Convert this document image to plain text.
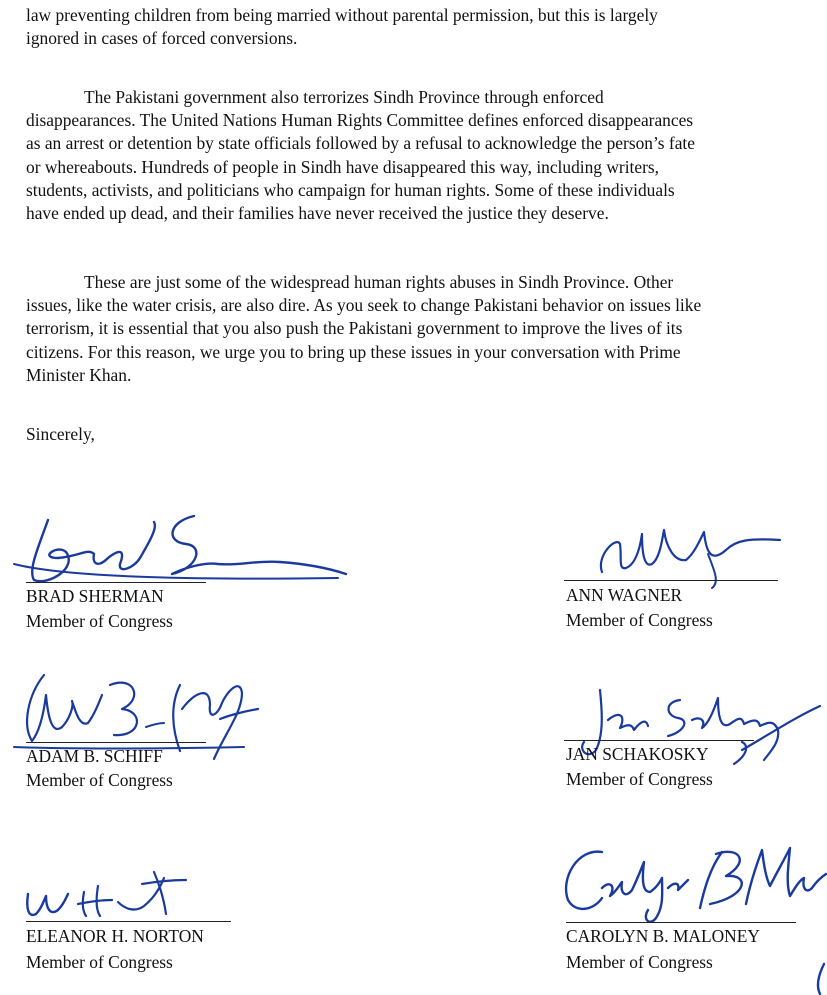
law preventing children from being married without parental permission, but this is largely
ignored in cases of forced conversions.
The Pakistani government also terrorizes Sindh Province through enforced
disappearances. The United Nations Human Rights Committee defines enforced disappearances
as an arrest or detention by state officials followed by a refusal to acknowledge the person’s fate
or whereabouts. Hundreds of people in Sindh have disappeared this way, including writers,
students, activists, and politicians who campaign for human rights. Some of these individuals
have ended up dead, and their families have never received the justice they deserve.
These are just some of the widespread human rights abuses in Sindh Province. Other
issues, like the water crisis, are also dire. As you seek to change Pakistani behavior on issues like
terrorism, it is essential that you also push the Pakistani government to improve the lives of its
citizens. For this reason, we urge you to bring up these issues in your conversation with Prime
Minister Khan.
Sincerely,
BRAD SHERMAN
Member of Congress
ANN WAGNER
Member of Congress
ADAM B. SCHIFF
Member of Congress
JAN SCHAKOSKY
Member of Congress
ELEANOR H. NORTON
Member of Congress
CAROLYN B. MALONEY
Member of Congress
